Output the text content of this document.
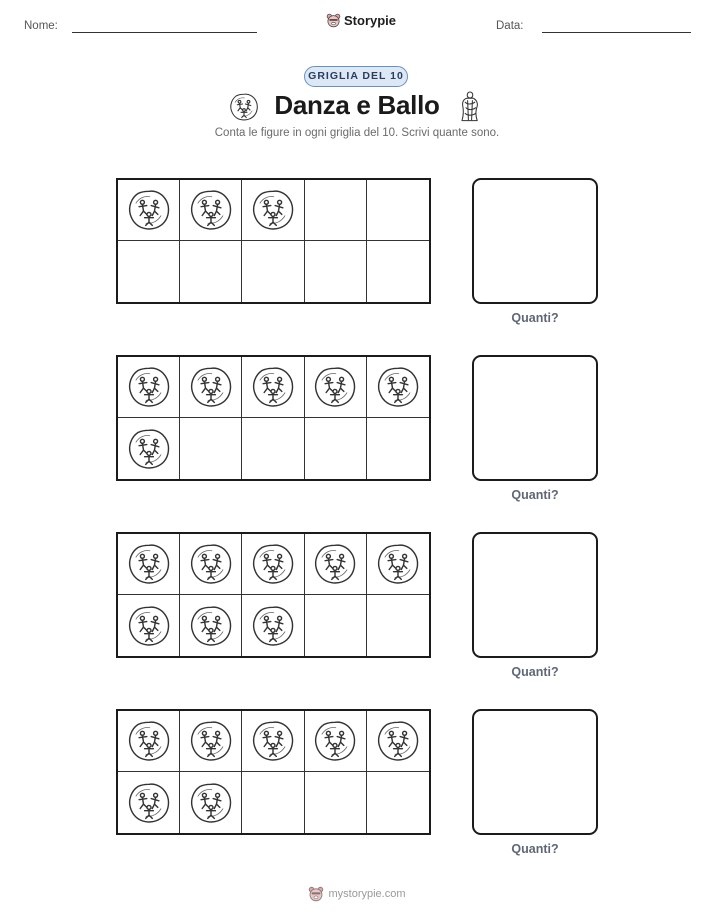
Nome:	Storypie	Data:
GRIGLIA DEL 10
Danza e Ballo
Conta le figure in ogni griglia del 10. Scrivi quante sono.
Quanti?
Quanti?
Quanti?
Quanti?
mystorypie.com
